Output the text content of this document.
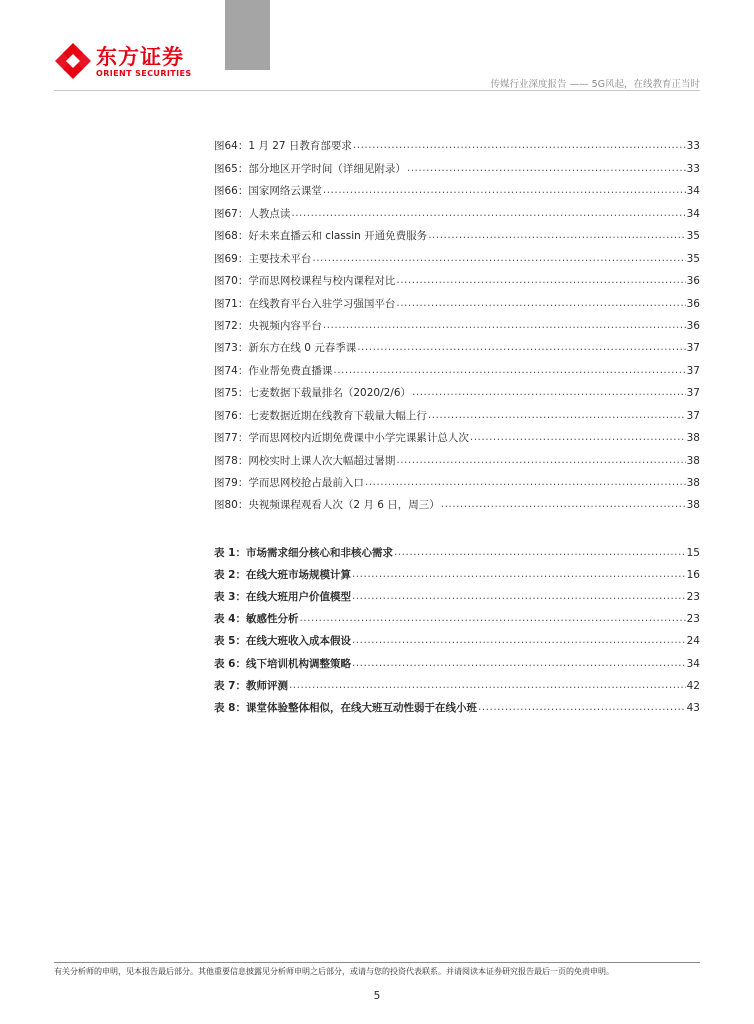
东方证券
ORIENT SECURITIES
传媒行业深度报告 —— 5G风起，在线教育正当时
图64：1 月 27 日教育部要求 .....	33
图65：部分地区开学时间（详细见附录） .....	33
图66：国家网络云课堂 .....	34
图67：人教点读 .....	34
图68：好未来直播云和 classin 开通免费服务 .....	35
图69：主要技术平台 .....	35
图70：学而思网校课程与校内课程对比 .....	36
图71：在线教育平台入驻学习强国平台 .....	36
图72：央视频内容平台 .....	36
图73：新东方在线 0 元春季课 .....	37
图74：作业帮免费直播课 .....	37
图75：七麦数据下载量排名（2020/2/6） .....	37
图76：七麦数据近期在线教育下载量大幅上行 .....	37
图77：学而思网校内近期免费课中小学完课累计总人次 .....	38
图78：网校实时上课人次大幅超过暑期 .....	38
图79：学而思网校抢占最前入口 .....	38
图80：央视频课程观看人次（2 月 6 日，周三） .....	38
表 1：市场需求细分核心和非核心需求 .....	15
表 2：在线大班市场规模计算 .....	16
表 3：在线大班用户价值模型 .....	23
表 4：敏感性分析 .....	23
表 5：在线大班收入成本假设 .....	24
表 6：线下培训机构调整策略 .....	34
表 7：教师评测 .....	42
表 8：课堂体验整体相似，在线大班互动性弱于在线小班 .....	43
有关分析师的申明，见本报告最后部分。其他重要信息披露见分析师申明之后部分，或请与您的投资代表联系。并请阅读本证券研究报告最后一页的免责申明。
5
